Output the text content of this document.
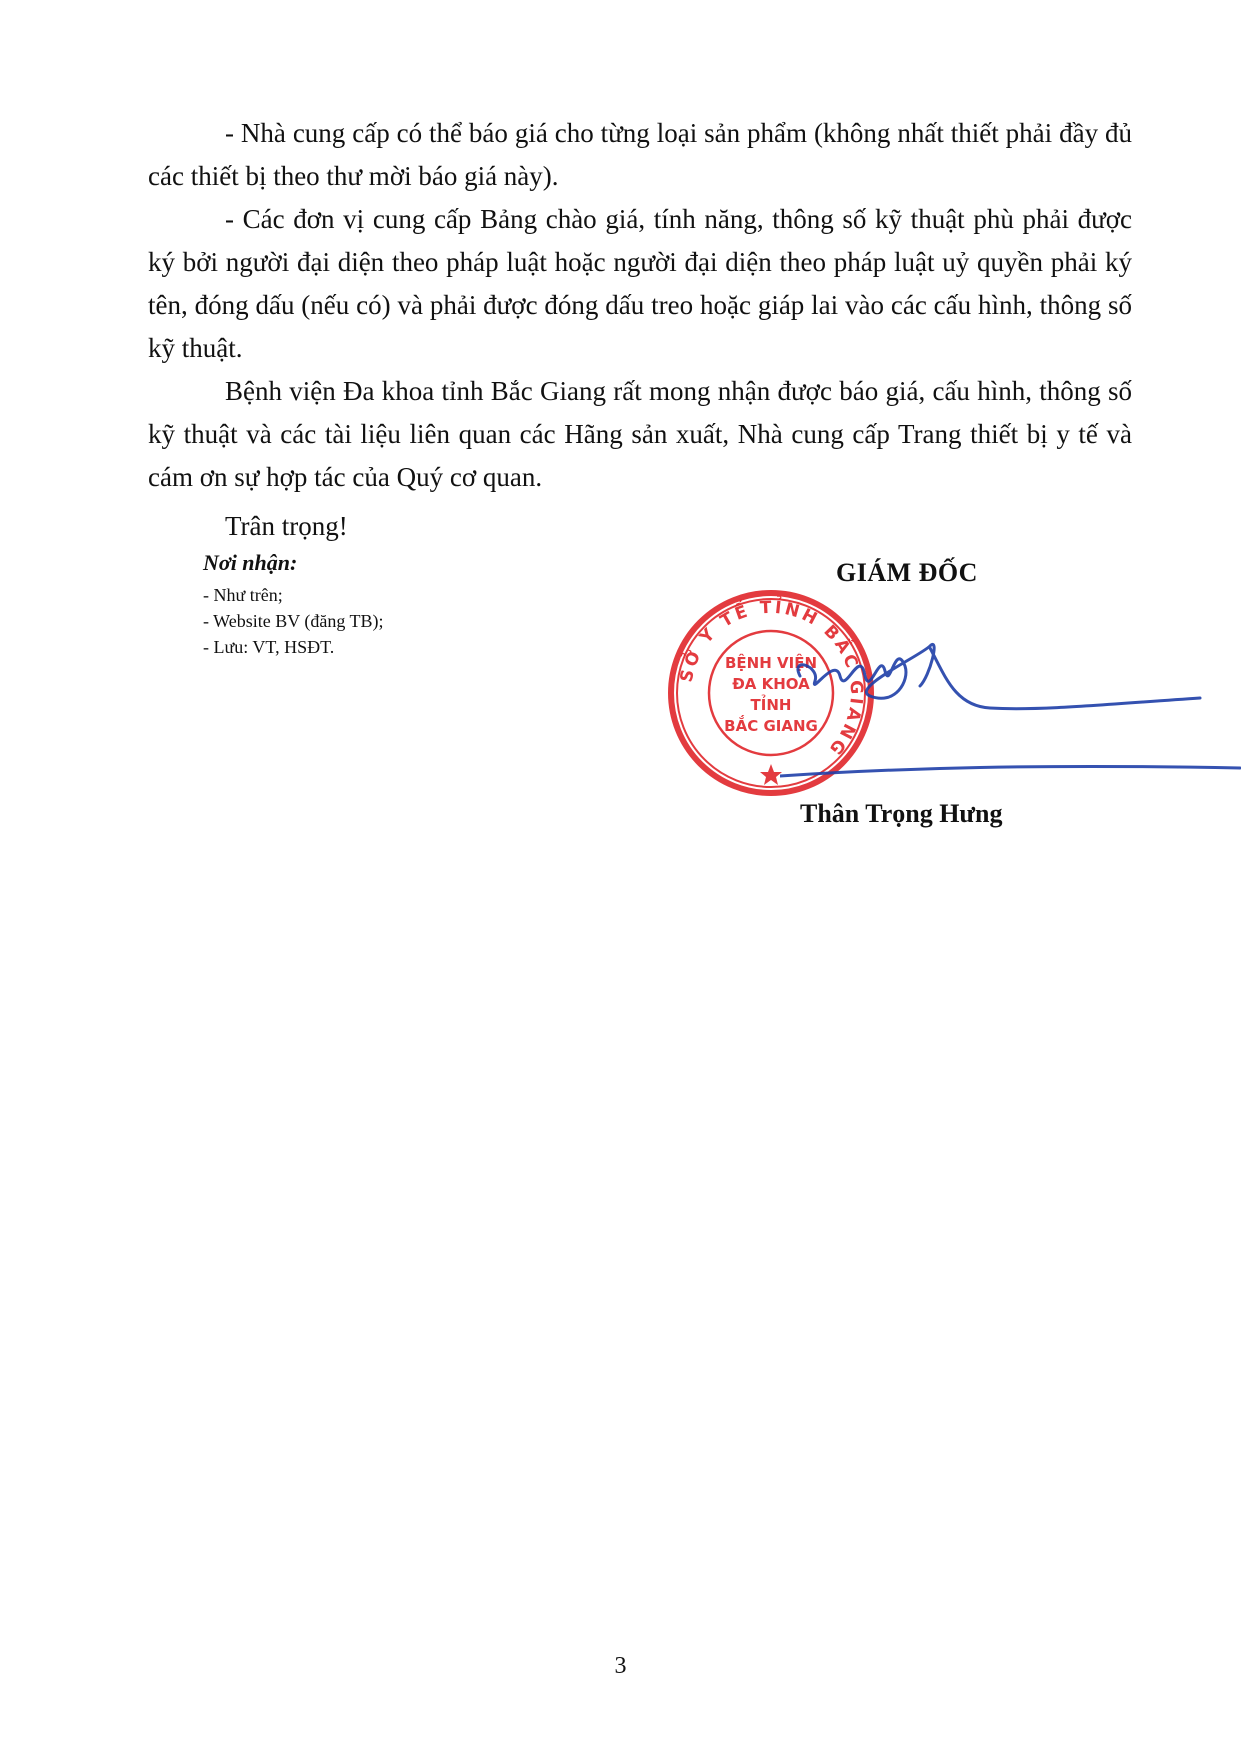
- Nhà cung cấp có thể báo giá cho từng loại sản phẩm (không nhất thiết phải đầy đủ các thiết bị theo thư mời báo giá này).

- Các đơn vị cung cấp Bảng chào giá, tính năng, thông số kỹ thuật phù phải được ký bởi người đại diện theo pháp luật hoặc người đại diện theo pháp luật uỷ quyền phải ký tên, đóng dấu (nếu có) và phải được đóng dấu treo hoặc giáp lai vào các cấu hình, thông số kỹ thuật.

Bệnh viện Đa khoa tỉnh Bắc Giang rất mong nhận được báo giá, cấu hình, thông số kỹ thuật và các tài liệu liên quan các Hãng sản xuất, Nhà cung cấp Trang thiết bị y tế và cám ơn sự hợp tác của Quý cơ quan.

Trân trọng!
Nơi nhận:
- Như trên;
- Website BV (đăng TB);
- Lưu: VT, HSĐT.
GIÁM ĐỐC
SỞ Y TẾ TỈNH BẮC GIANG
BỆNH VIỆN
ĐA KHOA
TỈNH
BẮC GIANG
Thân Trọng Hưng
3
